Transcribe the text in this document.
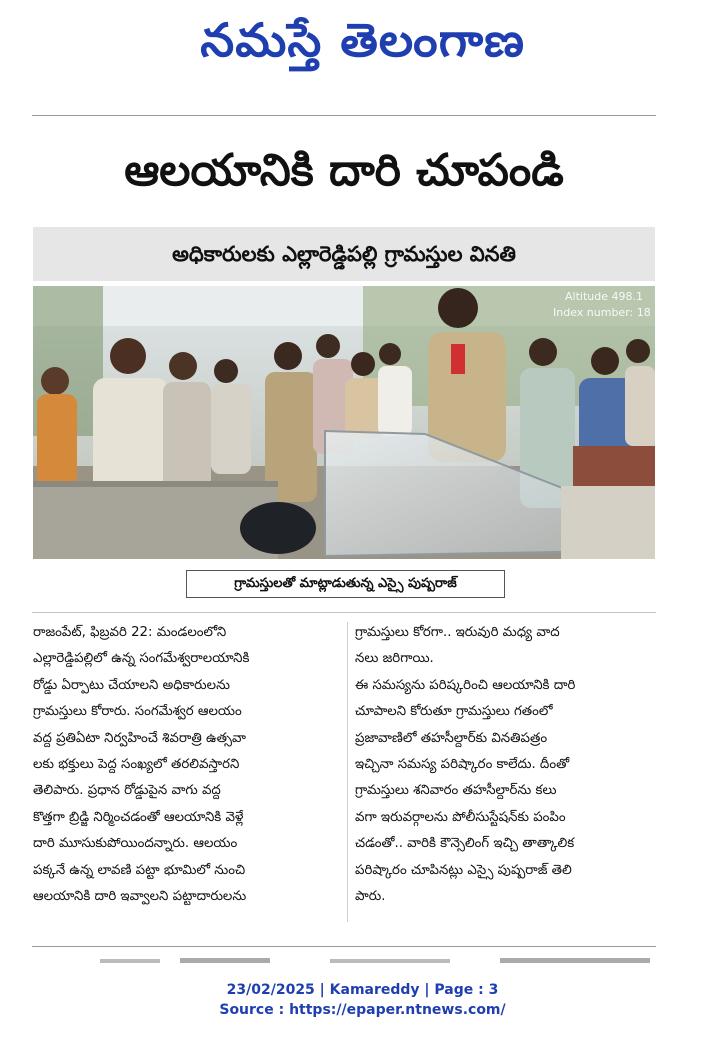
నమస్తే తెలంగాణ
ఆలయానికి దారి చూపండి
అధికారులకు ఎల్లారెడ్డిపల్లి గ్రామస్తుల వినతి
Altitude 498.1
Index number: 18
గ్రామస్తులతో మాట్లాడుతున్న ఎస్సై పుష్పరాజ్

రాజంపేట్, ఫిబ్రవరి 22: మండలంలోని
ఎల్లారెడ్డిపల్లిలో ఉన్న సంగమేశ్వరాలయానికి
రోడ్డు ఏర్పాటు చేయాలని అధికారులను
గ్రామస్తులు కోరారు. సంగమేశ్వర ఆలయం
వద్ద ప్రతిఏటా నిర్వహించే శివరాత్రి ఉత్సవా
లకు భక్తులు పెద్ద సంఖ్యలో తరలివస్తారని
తెలిపారు. ప్రధాన రోడ్డుపైన వాగు వద్ద
కొత్తగా బ్రిడ్జి నిర్మించడంతో ఆలయానికి వెళ్లే
దారి మూసుకుపోయిందన్నారు. ఆలయం
పక్కనే ఉన్న లావణి పట్టా భూమిలో నుంచి
ఆలయానికి దారి ఇవ్వాలని పట్టాదారులను

గ్రామస్తులు కోరగా.. ఇరువురి మధ్య వాద
నలు జరిగాయి.
ఈ సమస్యను పరిష్కరించి ఆలయానికి దారి
చూపాలని కోరుతూ గ్రామస్తులు గతంలో
ప్రజావాణిలో తహసీల్దార్‌కు వినతిపత్రం
ఇచ్చినా సమస్య పరిష్కారం కాలేదు. దీంతో
గ్రామస్తులు శనివారం తహసీల్దార్‌ను కలు
వగా ఇరువర్గాలను పోలీసుస్టేషన్‌కు పంపిం
చడంతో.. వారికి కౌన్సెలింగ్ ఇచ్చి తాత్కాలిక
పరిష్కారం చూపినట్లు ఎస్సై పుష్పరాజ్ తెలి
పారు.

23/02/2025 | Kamareddy | Page : 3
Source : https://epaper.ntnews.com/
